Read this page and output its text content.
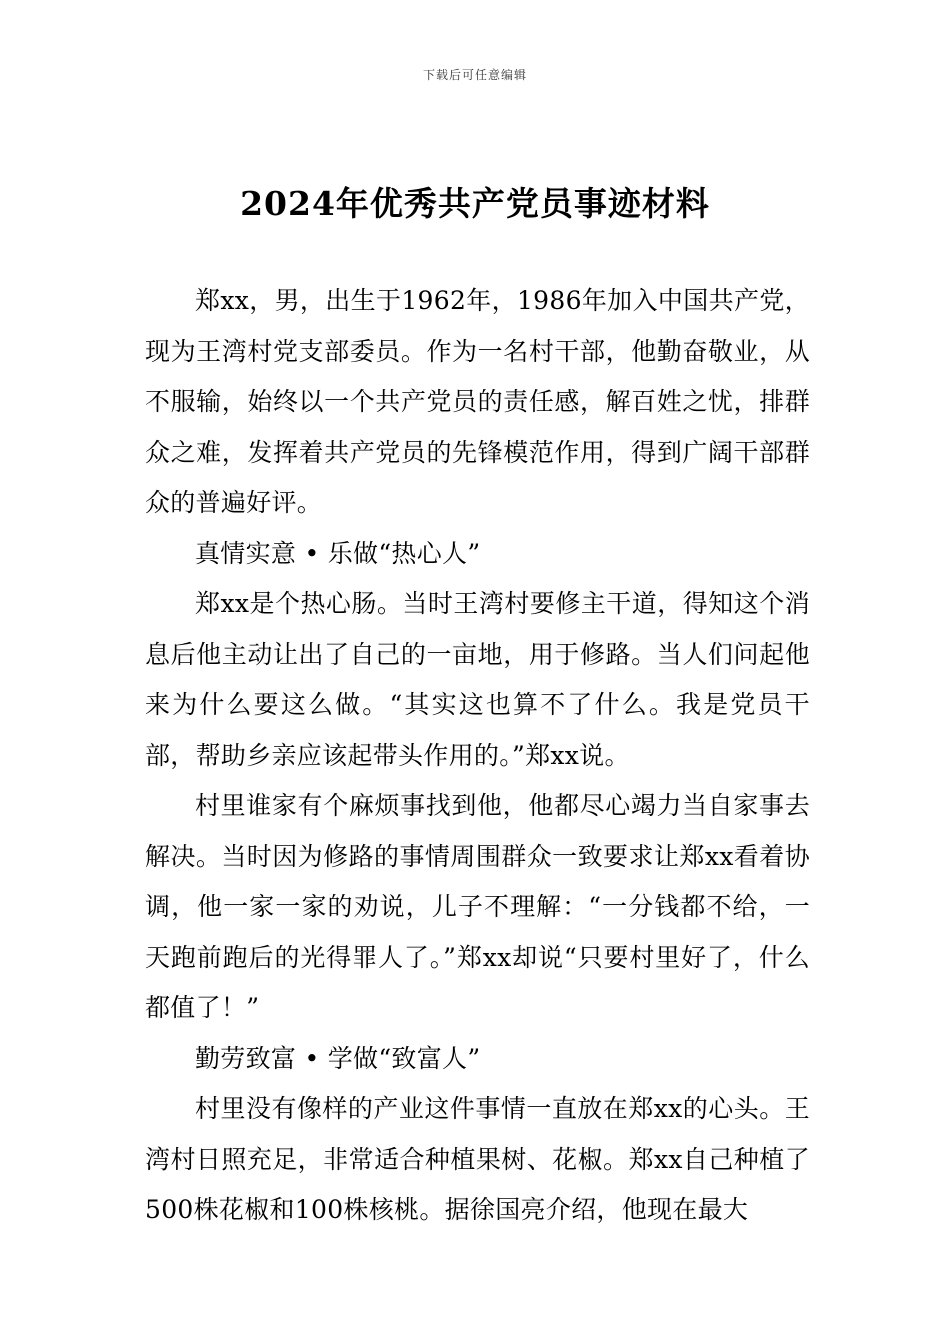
下载后可任意编辑
2024年优秀共产党员事迹材料

郑xx，男，出生于1962年，1986年加入中国共产党，现为王湾村党支部委员。作为一名村干部，他勤奋敬业，从不服输，始终以一个共产党员的责任感，解百姓之忧，排群众之难，发挥着共产党员的先锋模范作用，得到广阔干部群众的普遍好评。

真情实意 • 乐做“热心人”

郑xx是个热心肠。当时王湾村要修主干道，得知这个消息后他主动让出了自己的一亩地，用于修路。当人们问起他来为什么要这么做。“其实这也算不了什么。我是党员干部，帮助乡亲应该起带头作用的。”郑xx说。

村里谁家有个麻烦事找到他，他都尽心竭力当自家事去解决。当时因为修路的事情周围群众一致要求让郑xx看着协调，他一家一家的劝说，儿子不理解：“一分钱都不给，一天跑前跑后的光得罪人了。”郑xx却说“只要村里好了，什么都值了！”

勤劳致富 • 学做“致富人”

村里没有像样的产业这件事情一直放在郑xx的心头。王湾村日照充足，非常适合种植果树、花椒。郑xx自己种植了500株花椒和100株核桃。据徐国亮介绍，他现在最大
